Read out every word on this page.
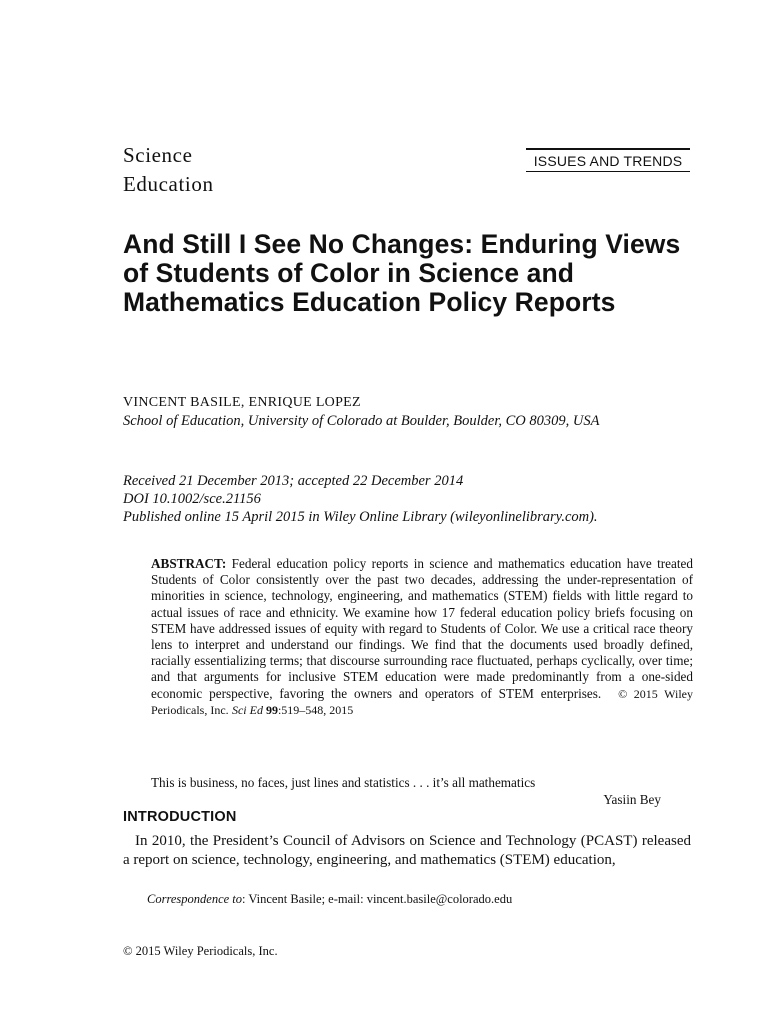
Science
Education
ISSUES AND TRENDS
And Still I See No Changes: Enduring Views of Students of Color in Science and Mathematics Education Policy Reports
VINCENT BASILE, ENRIQUE LOPEZ
School of Education, University of Colorado at Boulder, Boulder, CO 80309, USA
Received 21 December 2013; accepted 22 December 2014
DOI 10.1002/sce.21156
Published online 15 April 2015 in Wiley Online Library (wileyonlinelibrary.com).
ABSTRACT: Federal education policy reports in science and mathematics education have treated Students of Color consistently over the past two decades, addressing the under-representation of minorities in science, technology, engineering, and mathematics (STEM) fields with little regard to actual issues of race and ethnicity. We examine how 17 federal education policy briefs focusing on STEM have addressed issues of equity with regard to Students of Color. We use a critical race theory lens to interpret and understand our findings. We find that the documents used broadly defined, racially essentializing terms; that discourse surrounding race fluctuated, perhaps cyclically, over time; and that arguments for inclusive STEM education were made predominantly from a one-sided economic perspective, favoring the owners and operators of STEM enterprises. © 2015 Wiley Periodicals, Inc. Sci Ed 99:519–548, 2015
This is business, no faces, just lines and statistics . . . it’s all mathematics
Yasiin Bey
INTRODUCTION
In 2010, the President’s Council of Advisors on Science and Technology (PCAST) released a report on science, technology, engineering, and mathematics (STEM) education,
Correspondence to: Vincent Basile; e-mail: vincent.basile@colorado.edu
© 2015 Wiley Periodicals, Inc.
